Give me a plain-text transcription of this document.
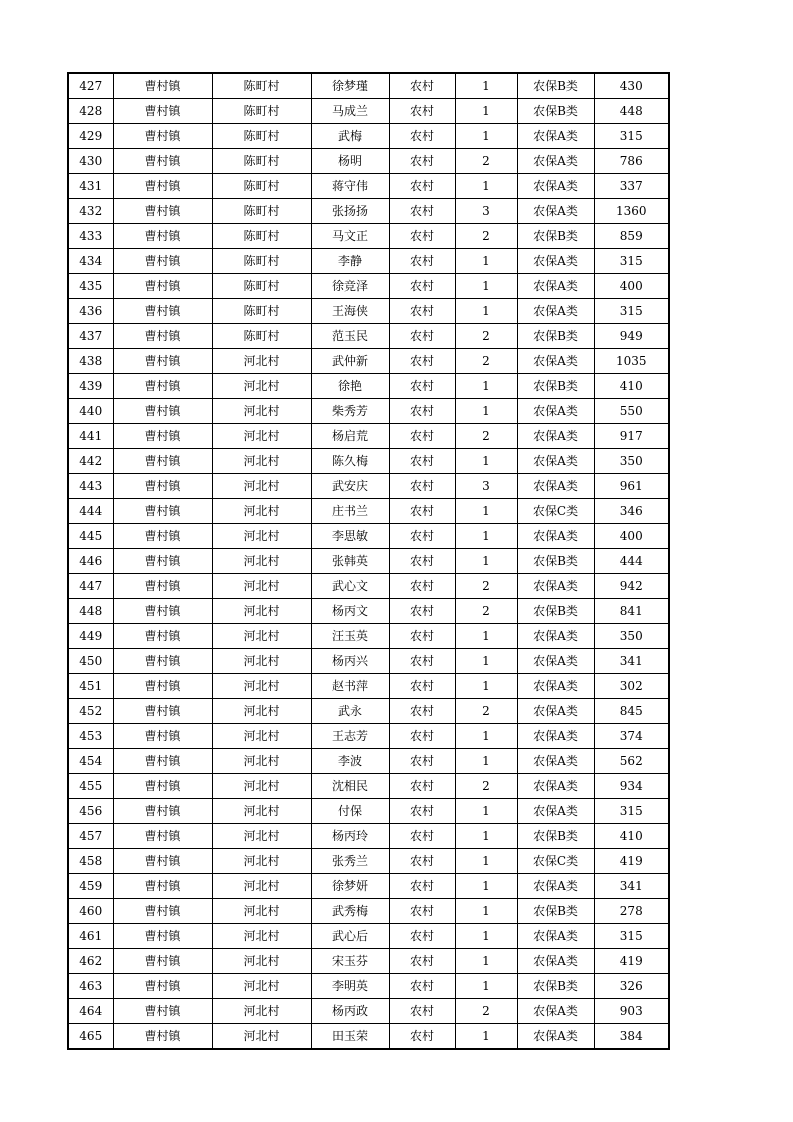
427	曹村镇	陈町村	徐梦瑾	农村	1	农保B类	430
428	曹村镇	陈町村	马成兰	农村	1	农保B类	448
429	曹村镇	陈町村	武梅	农村	1	农保A类	315
430	曹村镇	陈町村	杨明	农村	2	农保A类	786
431	曹村镇	陈町村	蒋守伟	农村	1	农保A类	337
432	曹村镇	陈町村	张扬扬	农村	3	农保A类	1360
433	曹村镇	陈町村	马文正	农村	2	农保B类	859
434	曹村镇	陈町村	李静	农村	1	农保A类	315
435	曹村镇	陈町村	徐竞泽	农村	1	农保A类	400
436	曹村镇	陈町村	王海侠	农村	1	农保A类	315
437	曹村镇	陈町村	范玉民	农村	2	农保B类	949
438	曹村镇	河北村	武仲新	农村	2	农保A类	1035
439	曹村镇	河北村	徐艳	农村	1	农保B类	410
440	曹村镇	河北村	柴秀芳	农村	1	农保A类	550
441	曹村镇	河北村	杨启荒	农村	2	农保A类	917
442	曹村镇	河北村	陈久梅	农村	1	农保A类	350
443	曹村镇	河北村	武安庆	农村	3	农保A类	961
444	曹村镇	河北村	庄书兰	农村	1	农保C类	346
445	曹村镇	河北村	李思敏	农村	1	农保A类	400
446	曹村镇	河北村	张韩英	农村	1	农保B类	444
447	曹村镇	河北村	武心文	农村	2	农保A类	942
448	曹村镇	河北村	杨丙文	农村	2	农保B类	841
449	曹村镇	河北村	汪玉英	农村	1	农保A类	350
450	曹村镇	河北村	杨丙兴	农村	1	农保A类	341
451	曹村镇	河北村	赵书萍	农村	1	农保A类	302
452	曹村镇	河北村	武永	农村	2	农保A类	845
453	曹村镇	河北村	王志芳	农村	1	农保A类	374
454	曹村镇	河北村	李波	农村	1	农保A类	562
455	曹村镇	河北村	沈相民	农村	2	农保A类	934
456	曹村镇	河北村	付保	农村	1	农保A类	315
457	曹村镇	河北村	杨丙玲	农村	1	农保B类	410
458	曹村镇	河北村	张秀兰	农村	1	农保C类	419
459	曹村镇	河北村	徐梦妍	农村	1	农保A类	341
460	曹村镇	河北村	武秀梅	农村	1	农保B类	278
461	曹村镇	河北村	武心后	农村	1	农保A类	315
462	曹村镇	河北村	宋玉芬	农村	1	农保A类	419
463	曹村镇	河北村	李明英	农村	1	农保B类	326
464	曹村镇	河北村	杨丙政	农村	2	农保A类	903
465	曹村镇	河北村	田玉荣	农村	1	农保A类	384
